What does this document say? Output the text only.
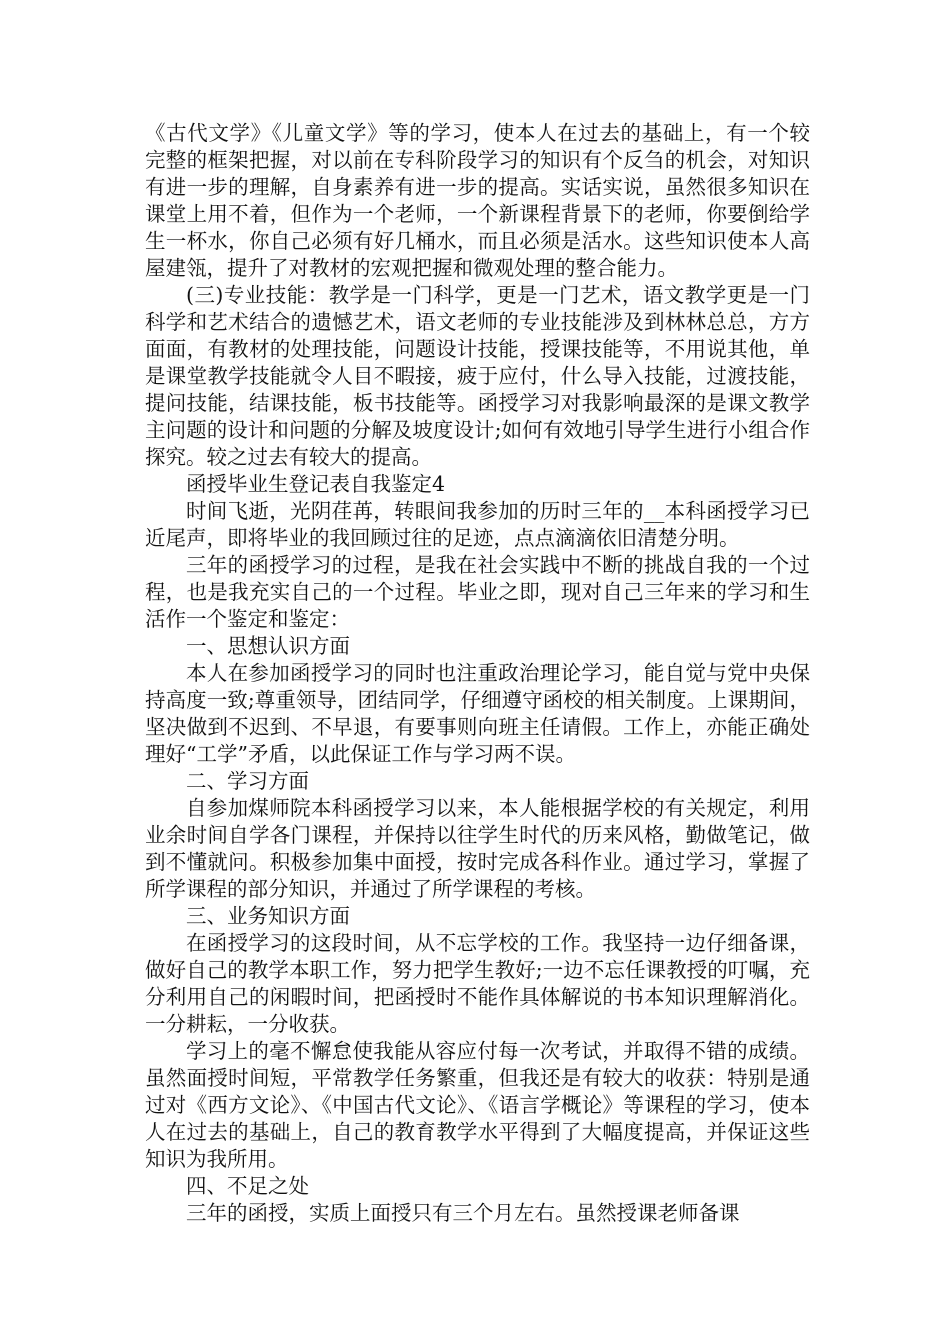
《古代文学》《儿童文学》等的学习，使本人在过去的基础上，有一个较完整的框架把握，对以前在专科阶段学习的知识有个反刍的机会，对知识有进一步的理解，自身素养有进一步的提高。实话实说，虽然很多知识在课堂上用不着，但作为一个老师，一个新课程背景下的老师，你要倒给学生一杯水，你自己必须有好几桶水，而且必须是活水。这些知识使本人高屋建瓴，提升了对教材的宏观把握和微观处理的整合能力。

(三)专业技能：教学是一门科学，更是一门艺术，语文教学更是一门科学和艺术结合的遗憾艺术，语文老师的专业技能涉及到林林总总，方方面面，有教材的处理技能，问题设计技能，授课技能等，不用说其他，单是课堂教学技能就令人目不暇接，疲于应付，什么导入技能，过渡技能，提问技能，结课技能，板书技能等。函授学习对我影响最深的是课文教学主问题的设计和问题的分解及坡度设计;如何有效地引导学生进行小组合作探究。较之过去有较大的提高。

函授毕业生登记表自我鉴定4

时间飞逝，光阴荏苒，转眼间我参加的历时三年的__本科函授学习已近尾声，即将毕业的我回顾过往的足迹，点点滴滴依旧清楚分明。

三年的函授学习的过程，是我在社会实践中不断的挑战自我的一个过程，也是我充实自己的一个过程。毕业之即，现对自己三年来的学习和生活作一个鉴定和鉴定：

一、思想认识方面

本人在参加函授学习的同时也注重政治理论学习，能自觉与党中央保持高度一致;尊重领导，团结同学，仔细遵守函校的相关制度。上课期间，坚决做到不迟到、不早退，有要事则向班主任请假。工作上，亦能正确处理好“工学”矛盾，以此保证工作与学习两不误。

二、学习方面

自参加煤师院本科函授学习以来，本人能根据学校的有关规定，利用业余时间自学各门课程，并保持以往学生时代的历来风格，勤做笔记，做到不懂就问。积极参加集中面授，按时完成各科作业。通过学习，掌握了所学课程的部分知识，并通过了所学课程的考核。

三、业务知识方面

在函授学习的这段时间，从不忘学校的工作。我坚持一边仔细备课，做好自己的教学本职工作，努力把学生教好;一边不忘任课教授的叮嘱，充分利用自己的闲暇时间，把函授时不能作具体解说的书本知识理解消化。一分耕耘，一分收获。

学习上的毫不懈怠使我能从容应付每一次考试，并取得不错的成绩。虽然面授时间短，平常教学任务繁重，但我还是有较大的收获：特别是通过对《西方文论》、《中国古代文论》、《语言学概论》等课程的学习，使本人在过去的基础上，自己的教育教学水平得到了大幅度提高，并保证这些知识为我所用。

四、不足之处

三年的函授，实质上面授只有三个月左右。虽然授课老师备课
